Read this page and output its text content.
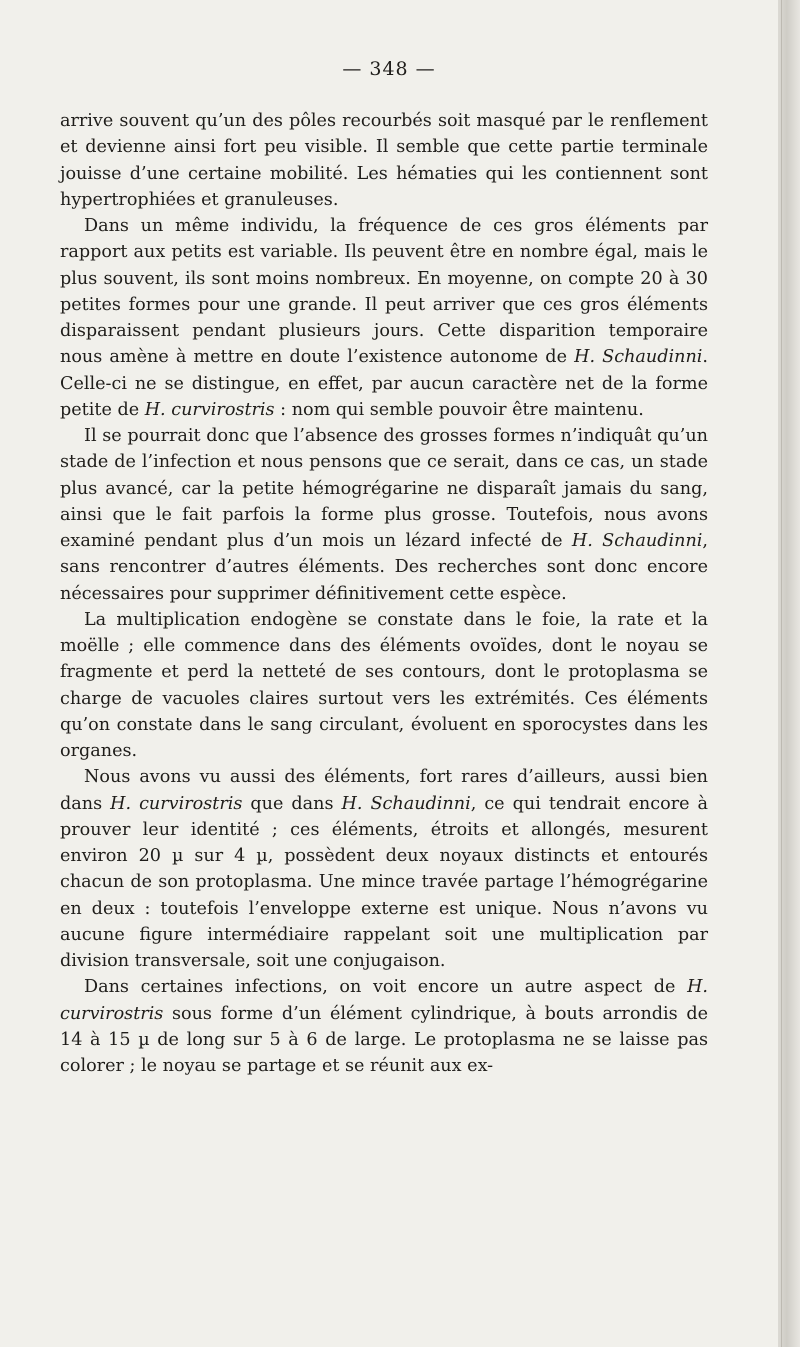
— 348 —

arrive souvent qu’un des pôles recourbés soit masqué par le renflement et devienne ainsi fort peu visible. Il semble que cette partie terminale jouisse d’une certaine mobilité. Les hématies qui les contiennent sont hypertrophiées et granuleuses.

Dans un même individu, la fréquence de ces gros éléments par rapport aux petits est variable. Ils peuvent être en nombre égal, mais le plus souvent, ils sont moins nombreux. En moyenne, on compte 20 à 30 petites formes pour une grande. Il peut arriver que ces gros éléments disparaissent pendant plusieurs jours. Cette disparition temporaire nous amène à mettre en doute l’existence autonome de H. Schaudinni. Celle-ci ne se distingue, en effet, par aucun caractère net de la forme petite de H. curvirostris : nom qui semble pouvoir être maintenu.

Il se pourrait donc que l’absence des grosses formes n’indiquât qu’un stade de l’infection et nous pensons que ce serait, dans ce cas, un stade plus avancé, car la petite hémogrégarine ne disparaît jamais du sang, ainsi que le fait parfois la forme plus grosse. Toutefois, nous avons examiné pendant plus d’un mois un lézard infecté de H. Schaudinni, sans rencontrer d’autres éléments. Des recherches sont donc encore nécessaires pour supprimer définitivement cette espèce.

La multiplication endogène se constate dans le foie, la rate et la moëlle ; elle commence dans des éléments ovoïdes, dont le noyau se fragmente et perd la netteté de ses contours, dont le protoplasma se charge de vacuoles claires surtout vers les extrémités. Ces éléments qu’on constate dans le sang circulant, évoluent en sporocystes dans les organes.

Nous avons vu aussi des éléments, fort rares d’ailleurs, aussi bien dans H. curvirostris que dans H. Schaudinni, ce qui tendrait encore à prouver leur identité ; ces éléments, étroits et allongés, mesurent environ 20 µ sur 4 µ, possèdent deux noyaux distincts et entourés chacun de son protoplasma. Une mince travée partage l’hémogrégarine en deux : toutefois l’enveloppe externe est unique. Nous n’avons vu aucune figure intermédiaire rappelant soit une multiplication par division transversale, soit une conjugaison.

Dans certaines infections, on voit encore un autre aspect de H. curvirostris sous forme d’un élément cylindrique, à bouts arrondis de 14 à 15 µ de long sur 5 à 6 de large. Le protoplasma ne se laisse pas colorer ; le noyau se partage et se réunit aux ex-
